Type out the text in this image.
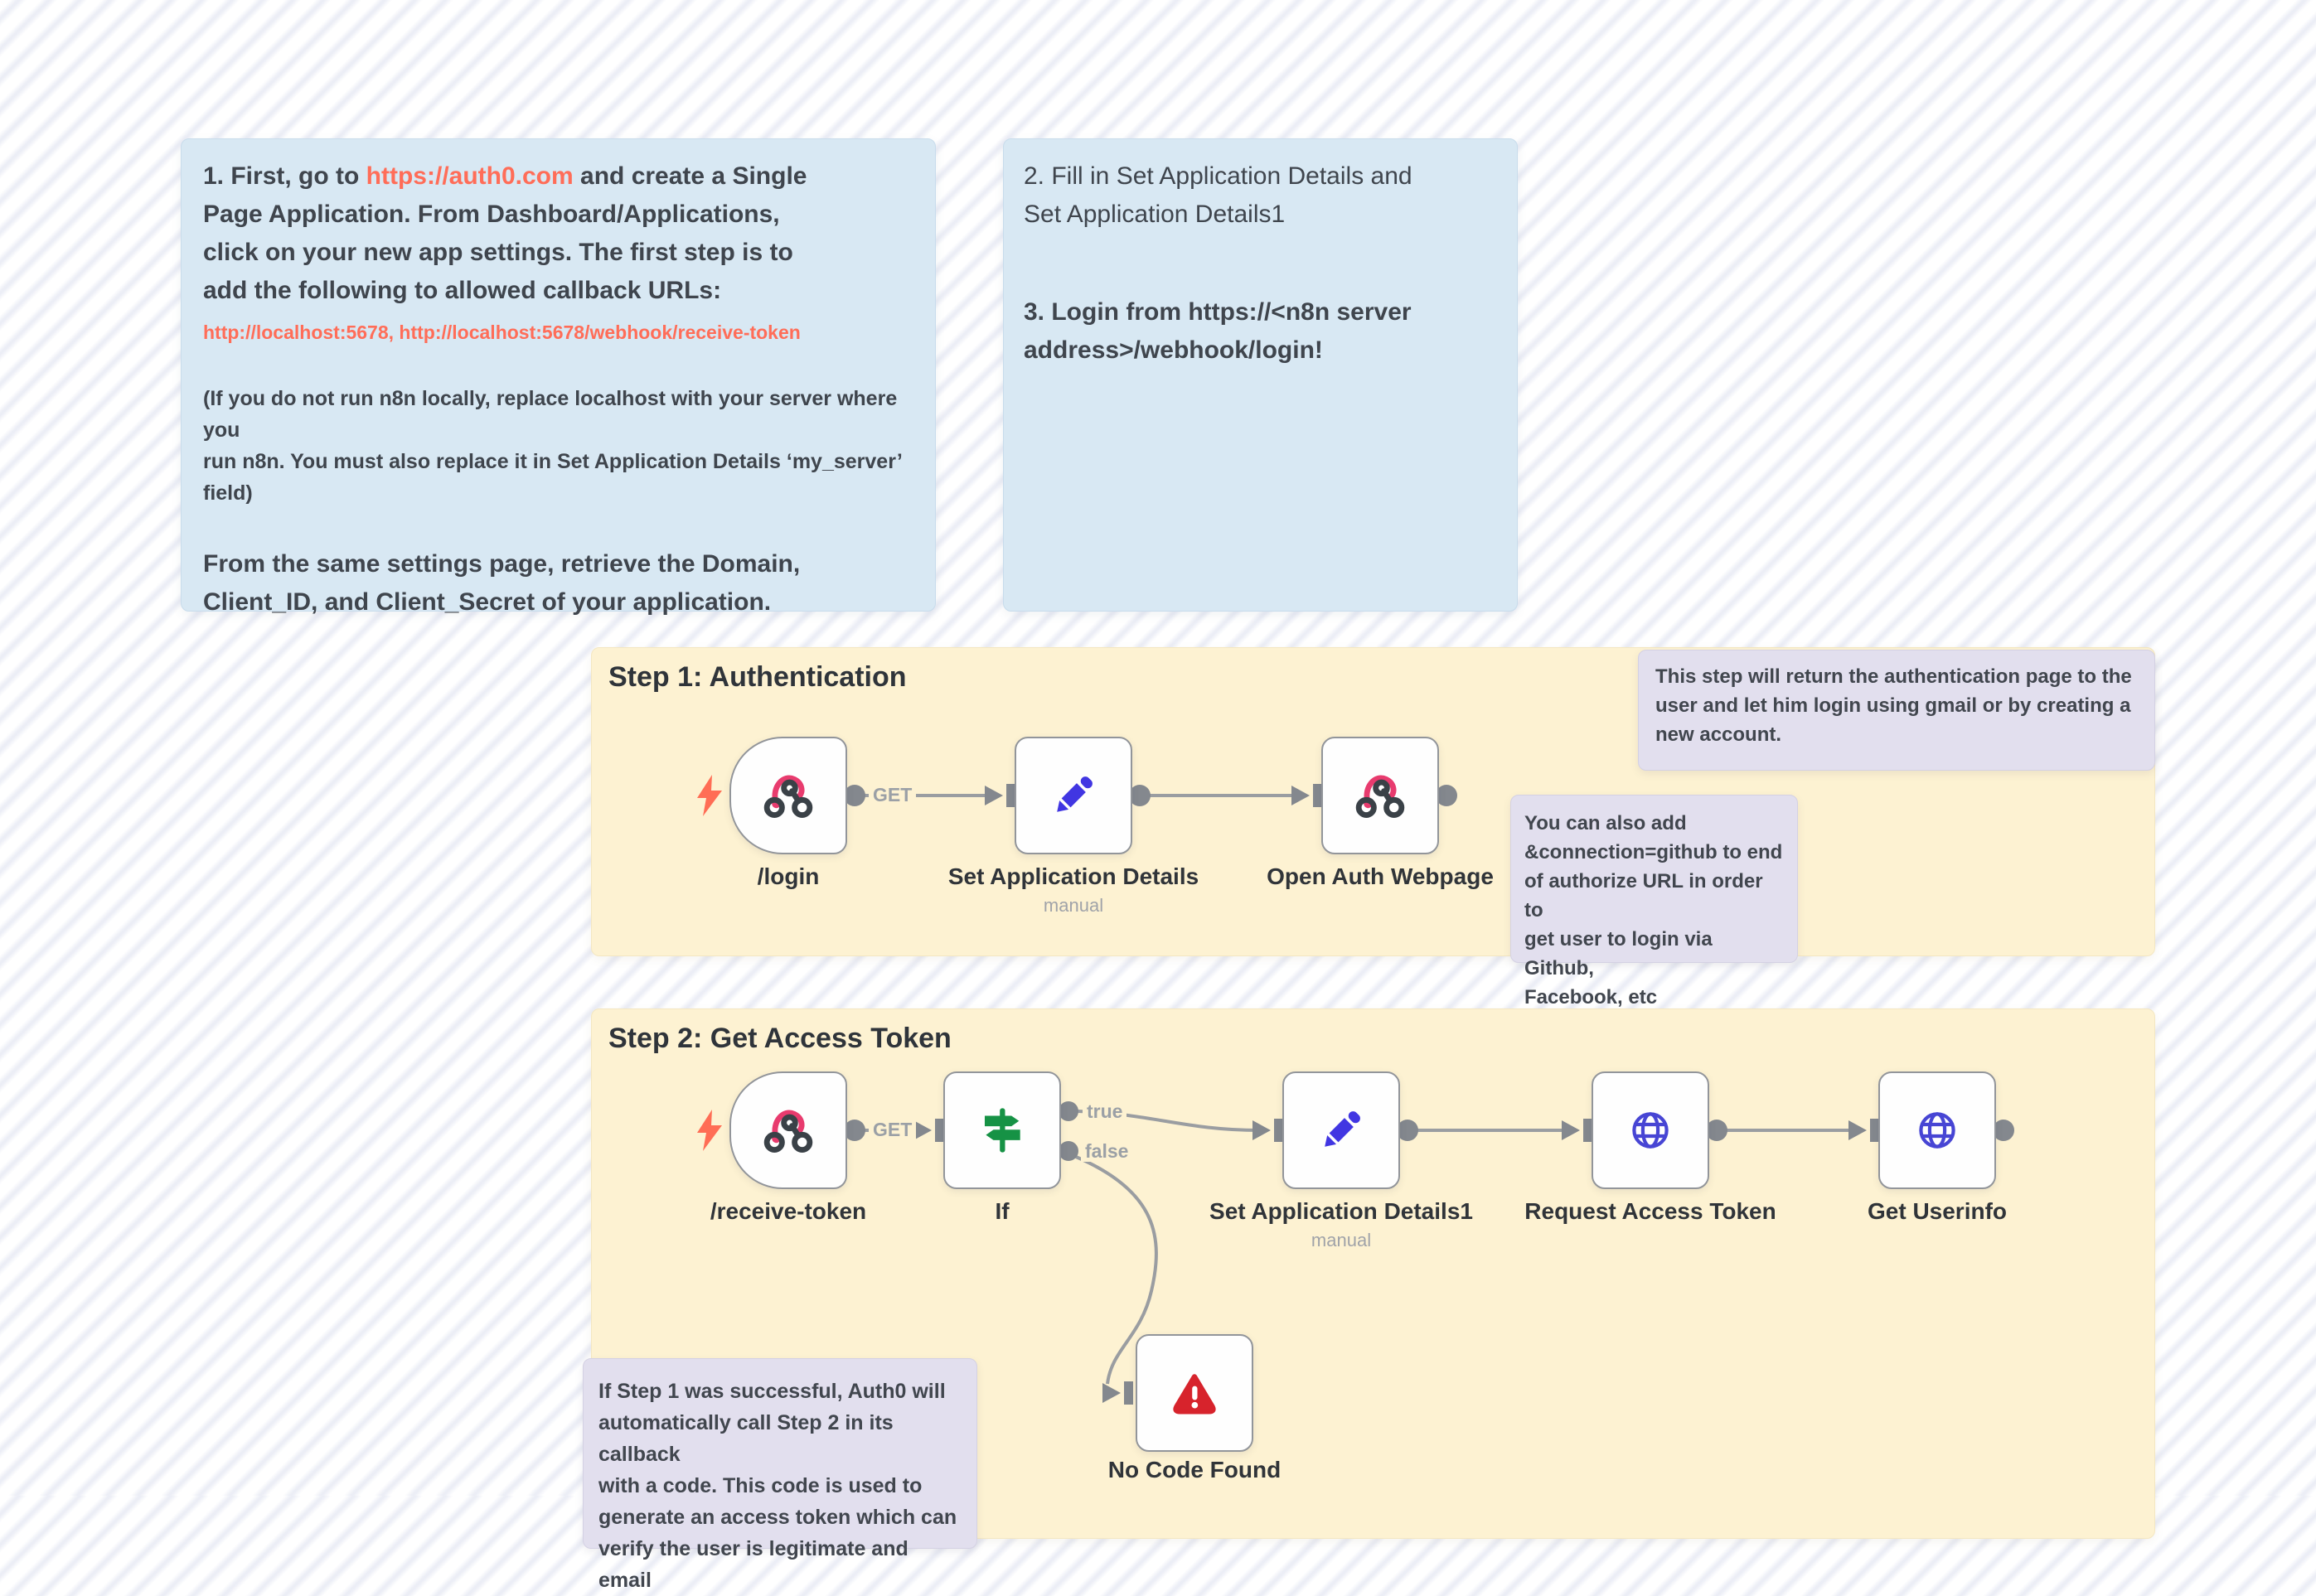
1. First, go to https://auth0.com and create a Single
Page Application. From Dashboard/Applications,
click on your new app settings. The first step is to
add the following to allowed callback URLs:
http://localhost:5678, http://localhost:5678/webhook/receive-token
(If you do not run n8n locally, replace localhost with your server where you
run n8n. You must also replace it in Set Application Details ‘my_server’ field)
From the same settings page, retrieve the Domain,
Client_ID, and Client_Secret of your application.
2. Fill in Set Application Details and
Set Application Details1
3. Login from https://<n8n server
address>/webhook/login!
Step 1: Authentication
Step 2: Get Access Token
This step will return the authentication page to the
user and let him login using gmail or by creating a
new account.
You can also add
&connection=github to end
of authorize URL in order to
get user to login via Github,
Facebook, etc
If Step 1 was successful, Auth0 will
automatically call Step 2 in its callback
with a code. This code is used to
generate an access token which can
verify the user is legitimate and email
GET
GET
true
false
/login	Set Application Details
manual
Open Auth Webpage
/receive-token	If	Set Application Details1
manual
Request Access Token	Get Userinfo
No Code Found
